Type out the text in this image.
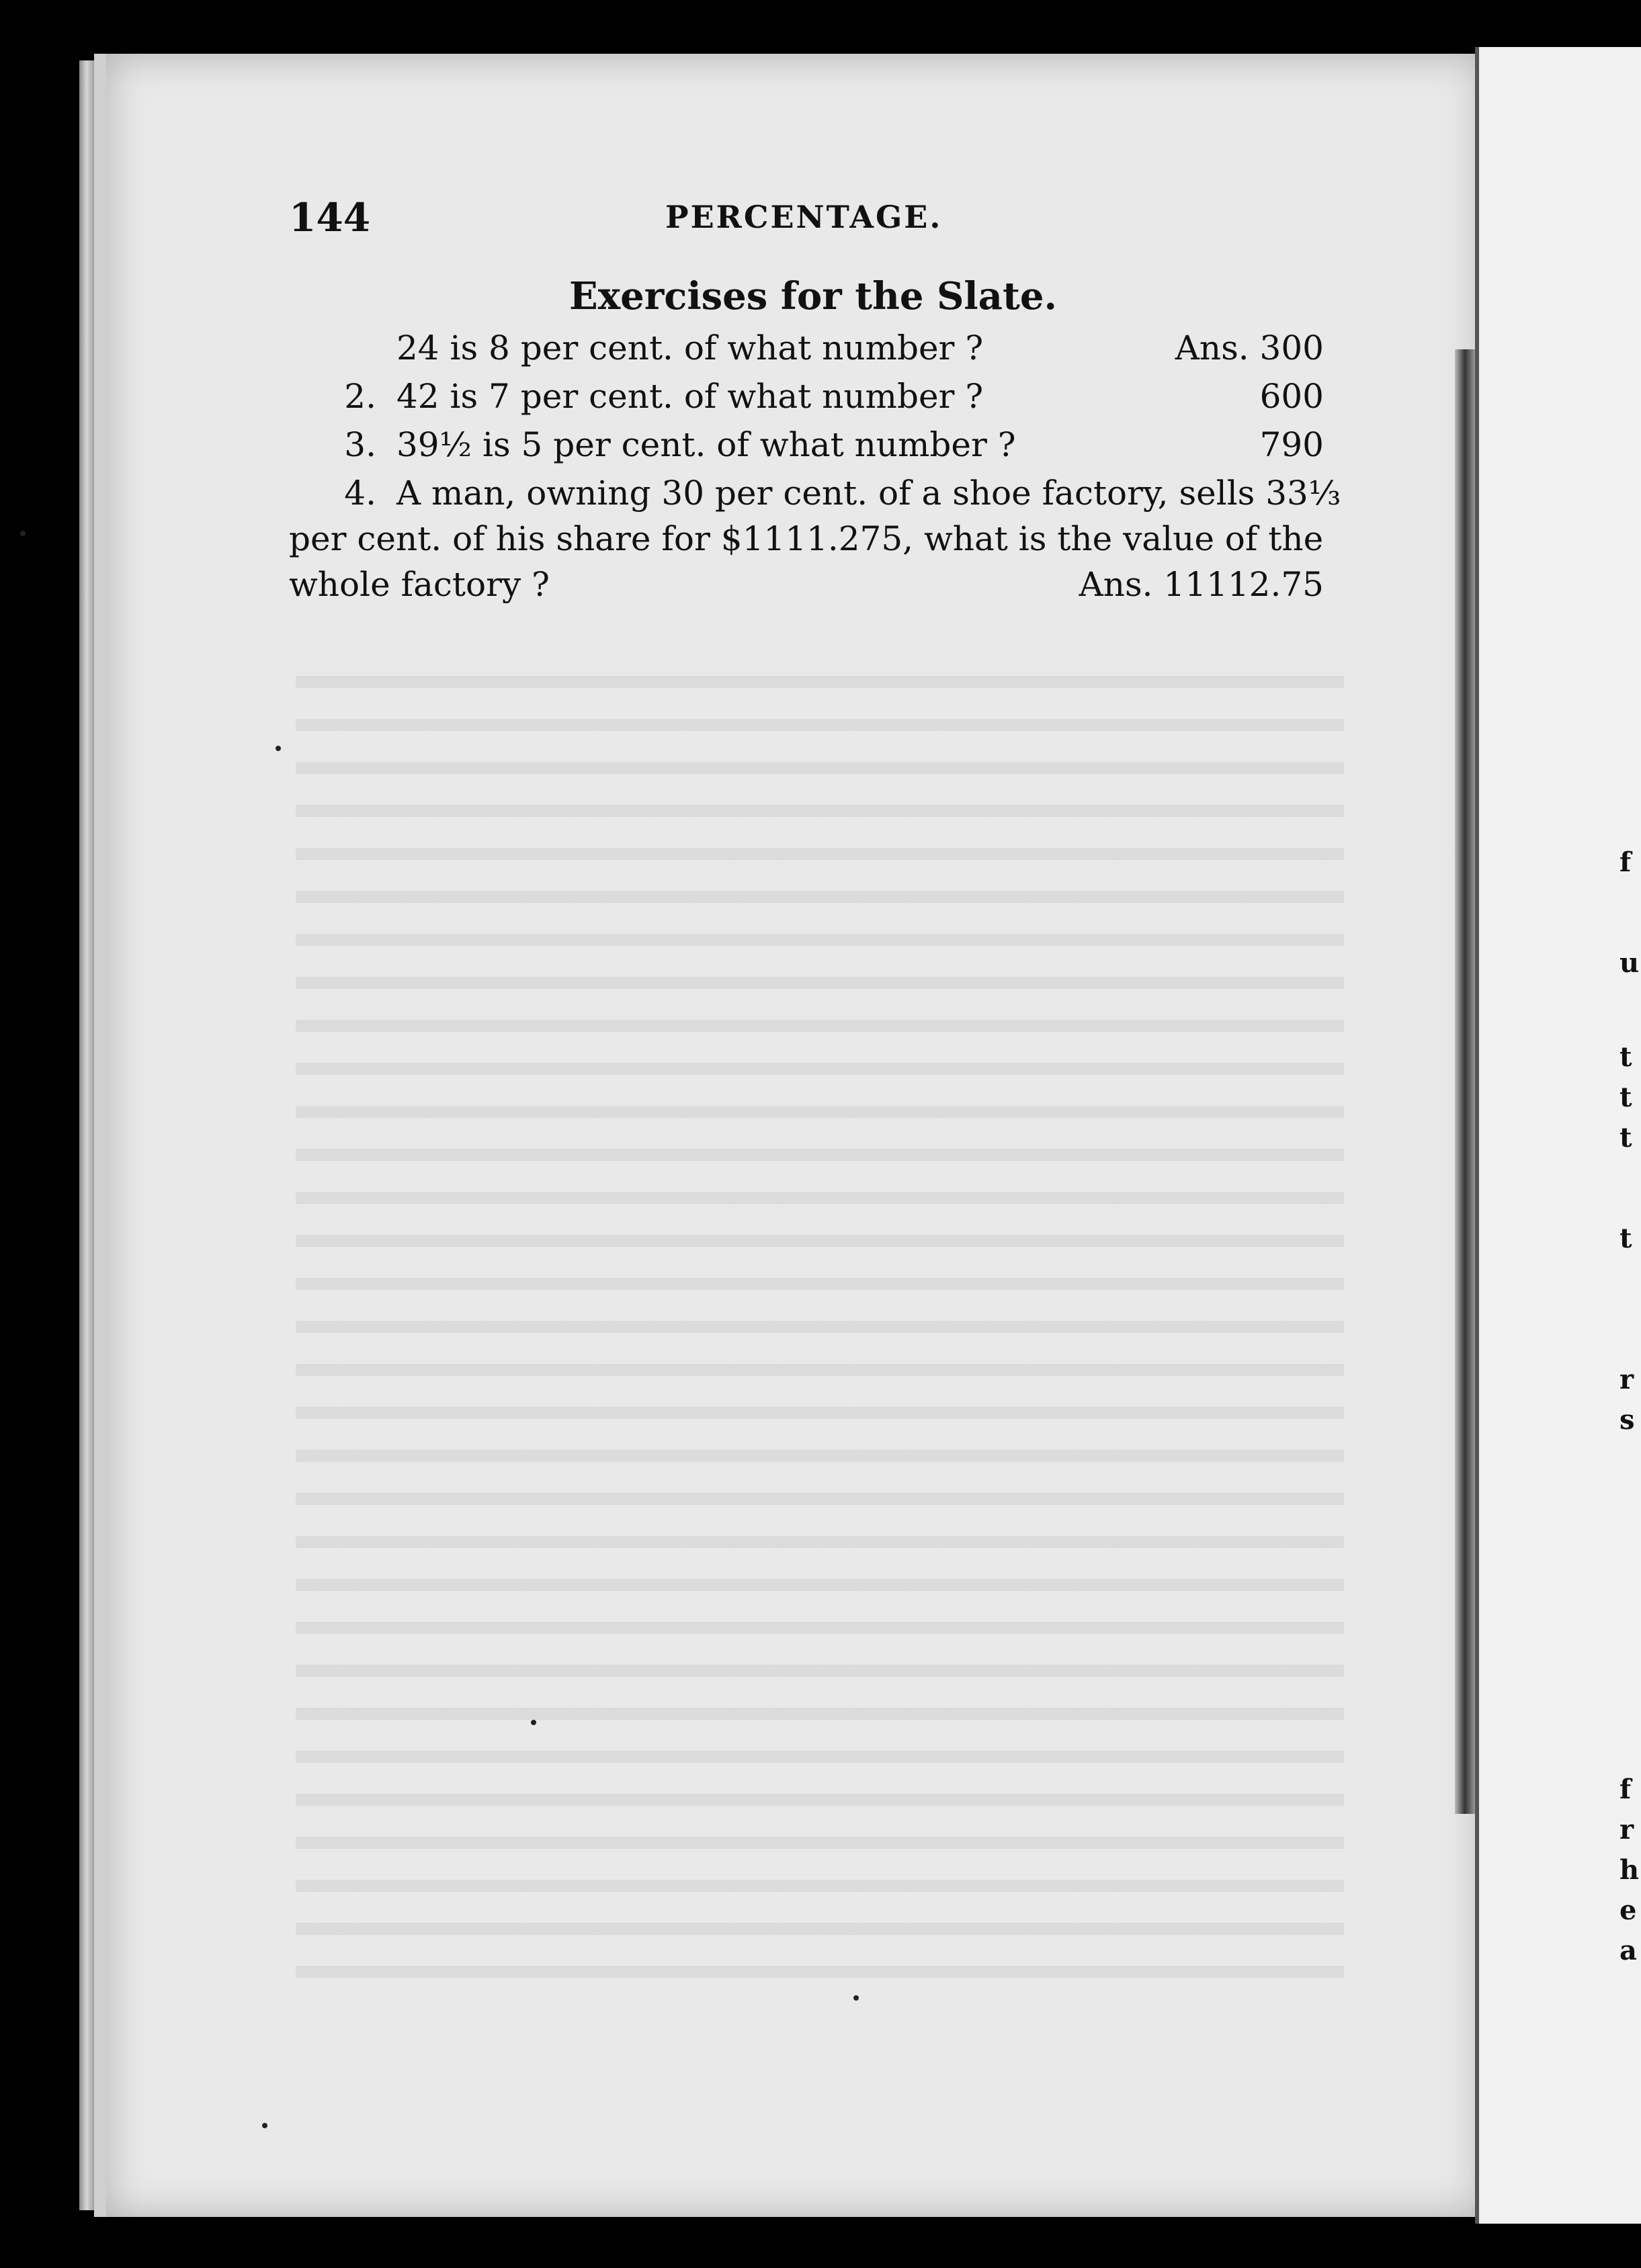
144	PERCENTAGE.
Exercises for the Slate.
24 is 8 per cent. of what number ?	Ans. 300
2. 42 is 7 per cent. of what number ?	600
3. 39½ is 5 per cent. of what number ?	790
4. A man, owning 30 per cent. of a shoe factory, sells 33⅓
per cent. of his share for $1111.275, what is the value of the
whole factory ?	Ans. 11112.75
f
u
t
t
t
t
r
s
f
r
h
e
a
